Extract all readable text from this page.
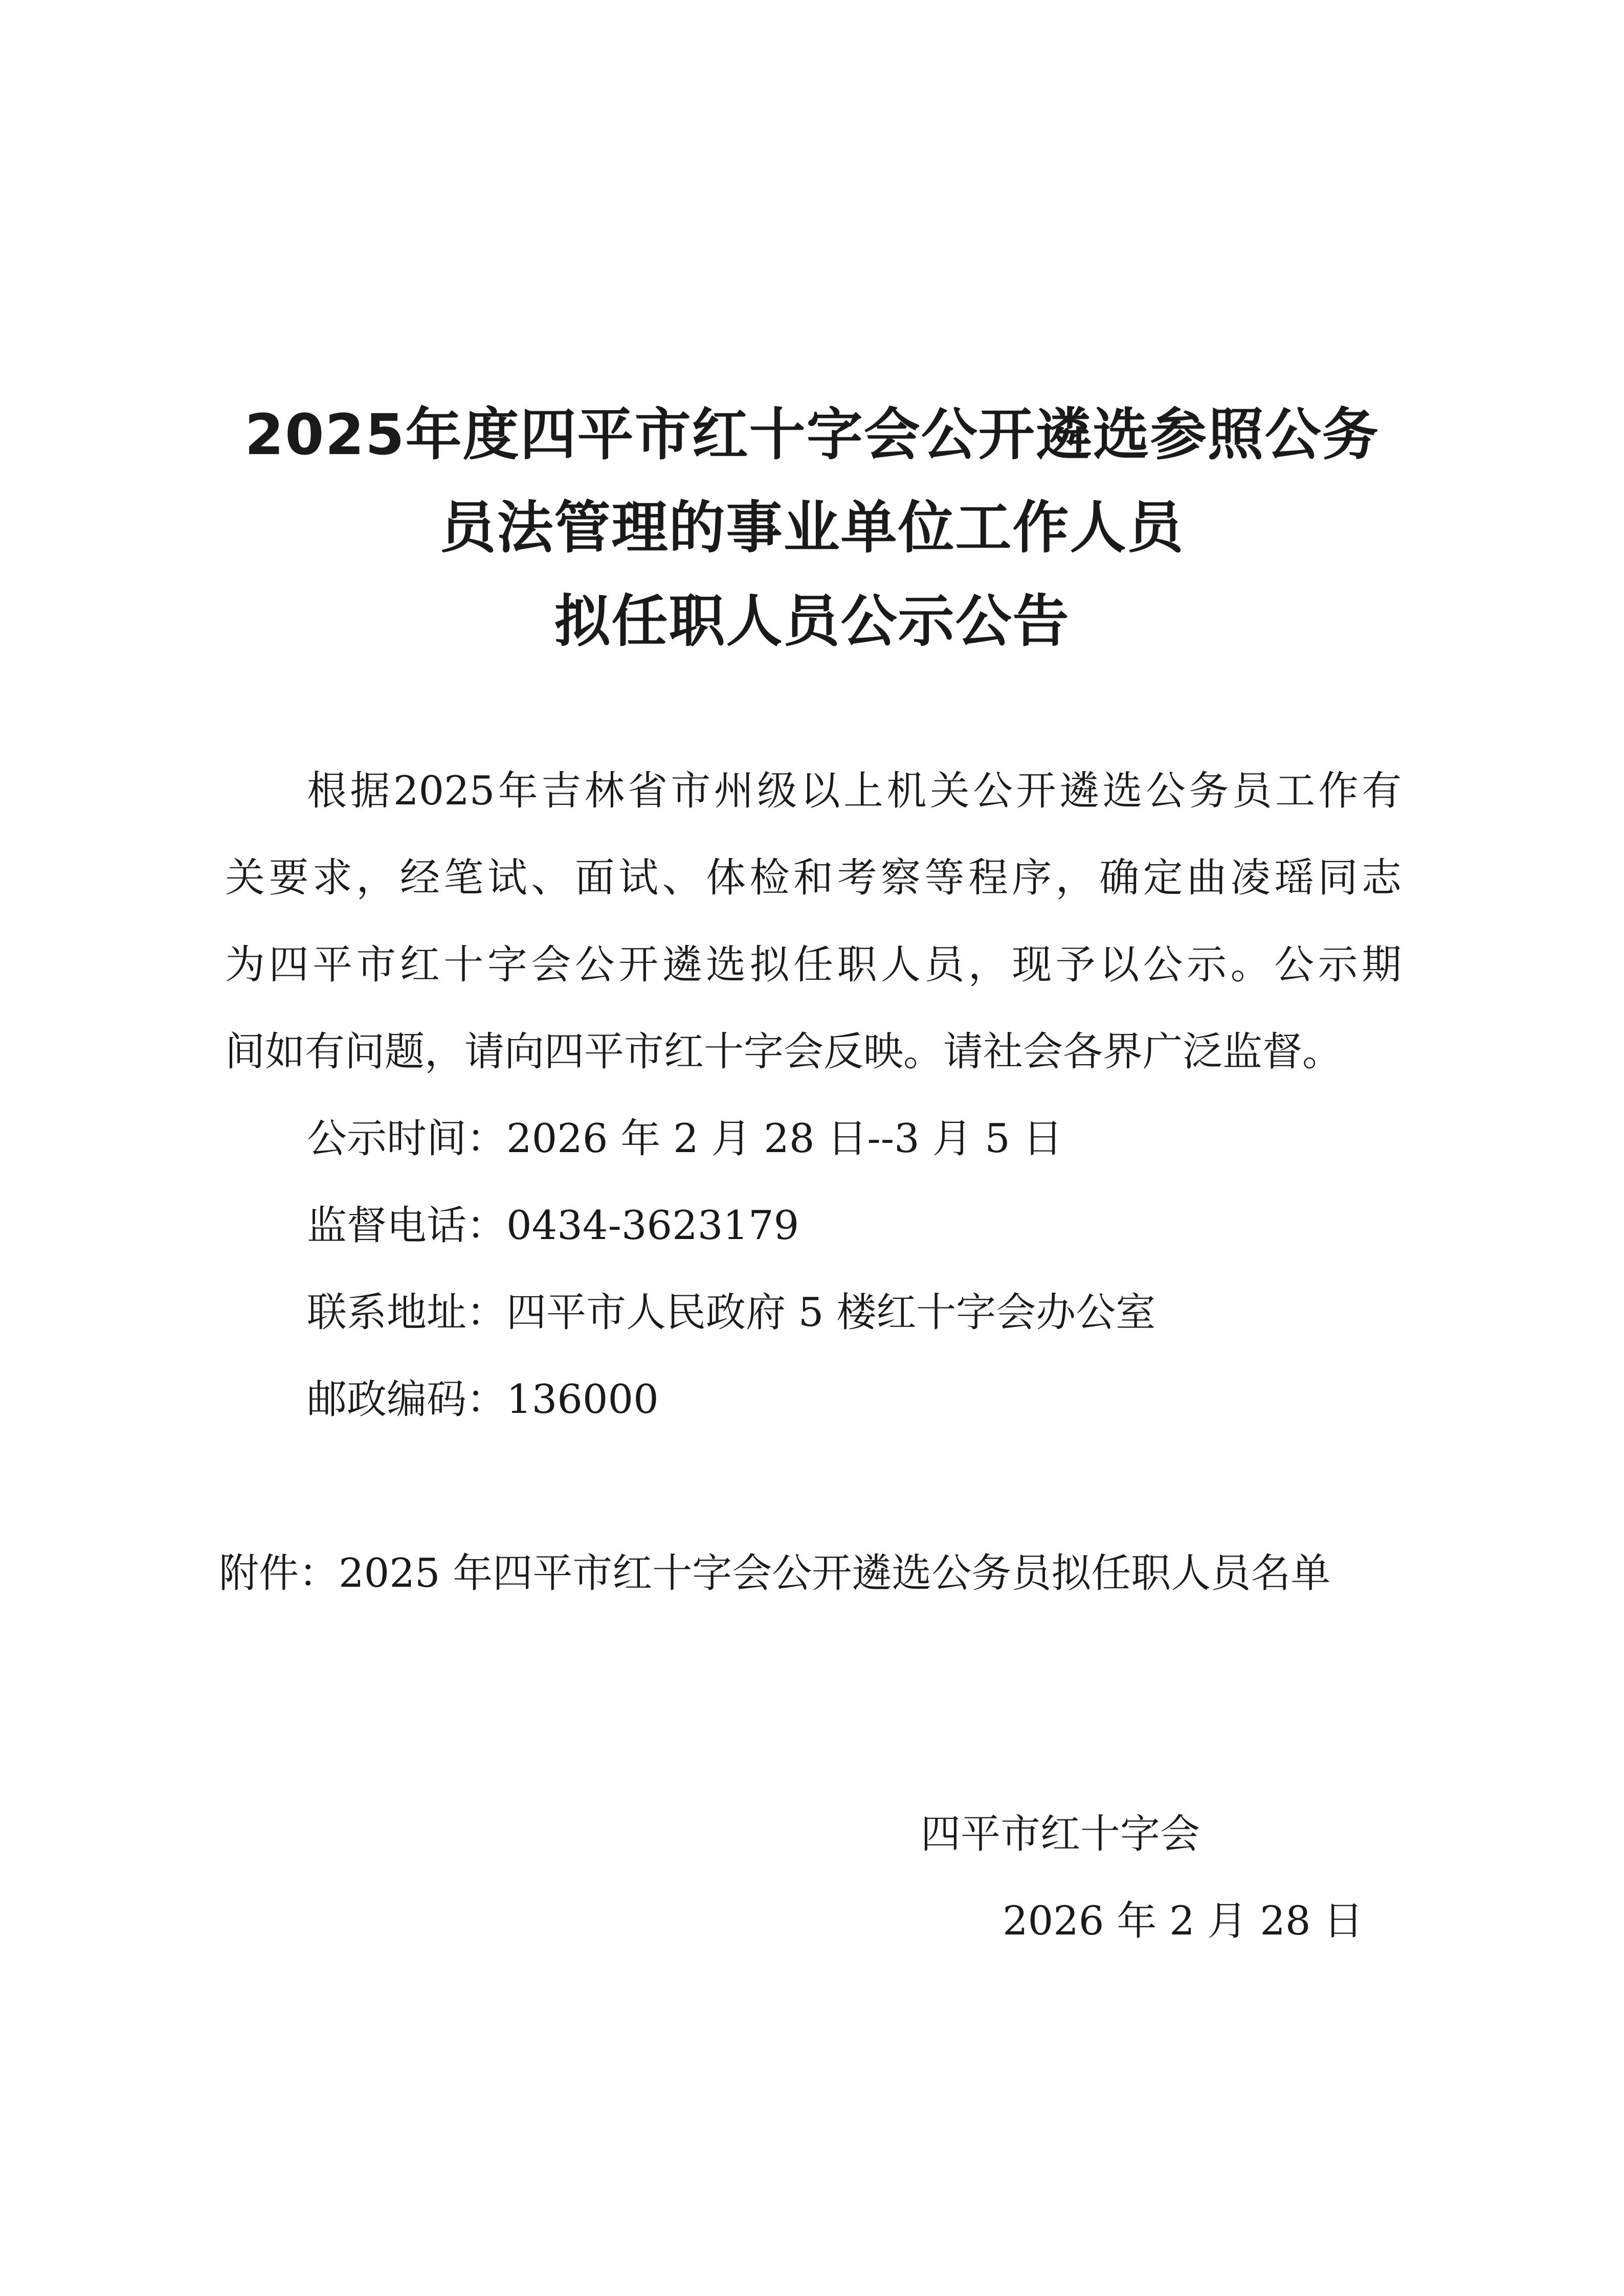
2025年度四平市红十字会公开遴选参照公务
员法管理的事业单位工作人员
拟任职人员公示公告
根据2025年吉林省市州级以上机关公开遴选公务员工作有
关要求，经笔试、面试、体检和考察等程序，确定曲凌瑶同志
为四平市红十字会公开遴选拟任职人员，现予以公示。公示期
间如有问题，请向四平市红十字会反映。请社会各界广泛监督。
公示时间：2026 年 2 月 28 日--3 月 5 日
监督电话：0434-3623179
联系地址：四平市人民政府 5 楼红十字会办公室
邮政编码：136000
附件：2025 年四平市红十字会公开遴选公务员拟任职人员名单
四平市红十字会
2026 年 2 月 28 日
